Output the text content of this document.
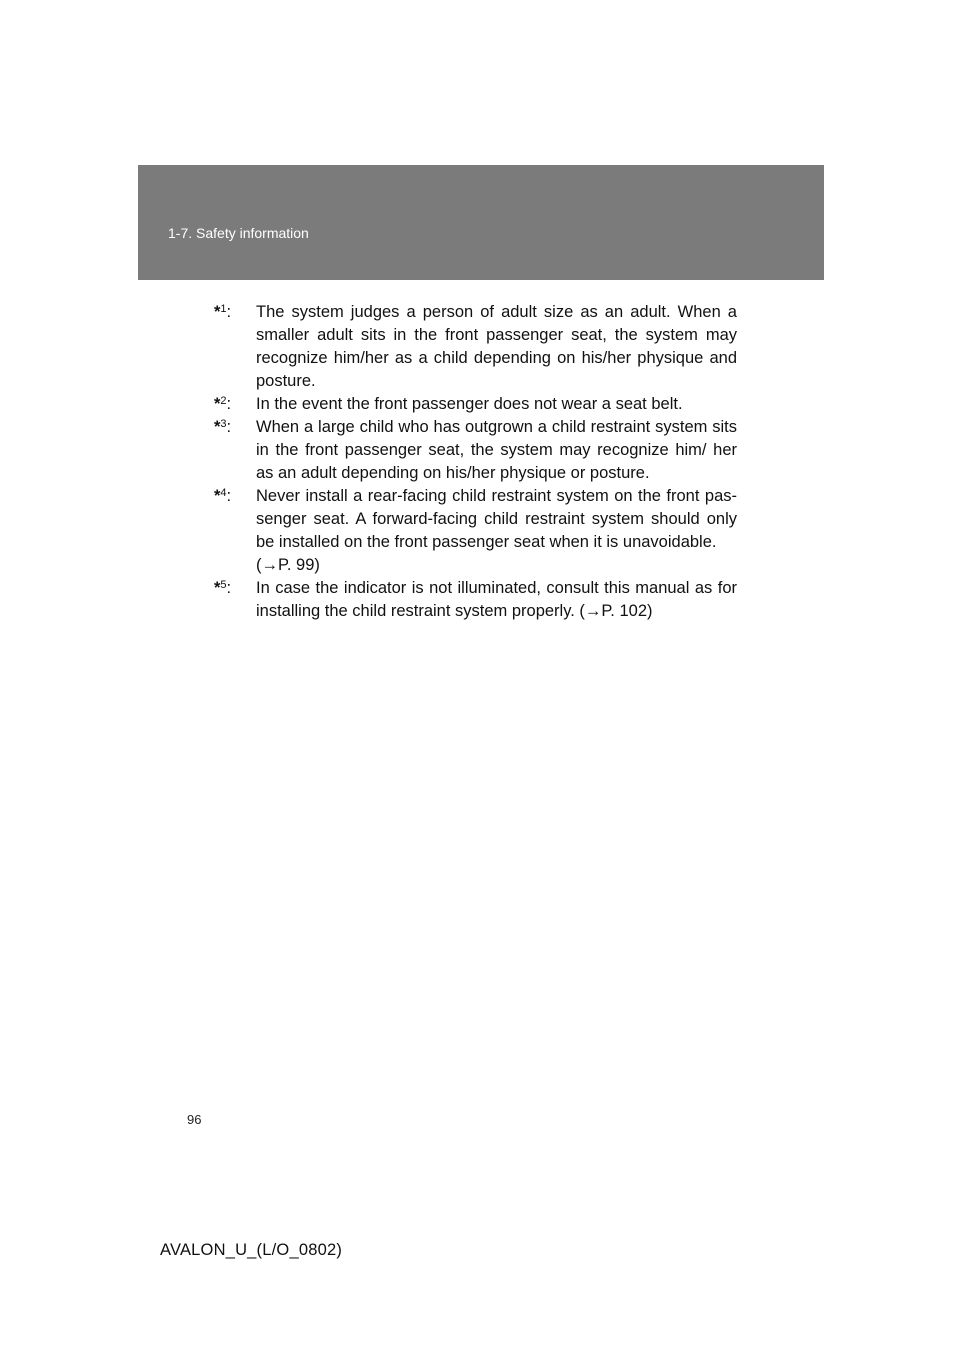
1-7. Safety information
*$^1$:	The system judges a person of adult size as an adult. When a smaller adult sits in the front passenger seat, the system may recognize him/her as a child depending on his/her physique and posture.
*$^2$:	In the event the front passenger does not wear a seat belt.
*$^3$:	When a large child who has outgrown a child restraint system sits in the front passenger seat, the system may recognize him/ her as an adult depending on his/her physique or posture.
*$^4$:	Never install a rear-facing child restraint system on the front pas-senger seat. A forward-facing child restraint system should only be installed on the front passenger seat when it is unavoidable.
(→P. 99)
*$^5$:	In case the indicator is not illuminated, consult this manual as for installing the child restraint system properly. (→P. 102)
96
AVALON_U_(L/O_0802)
